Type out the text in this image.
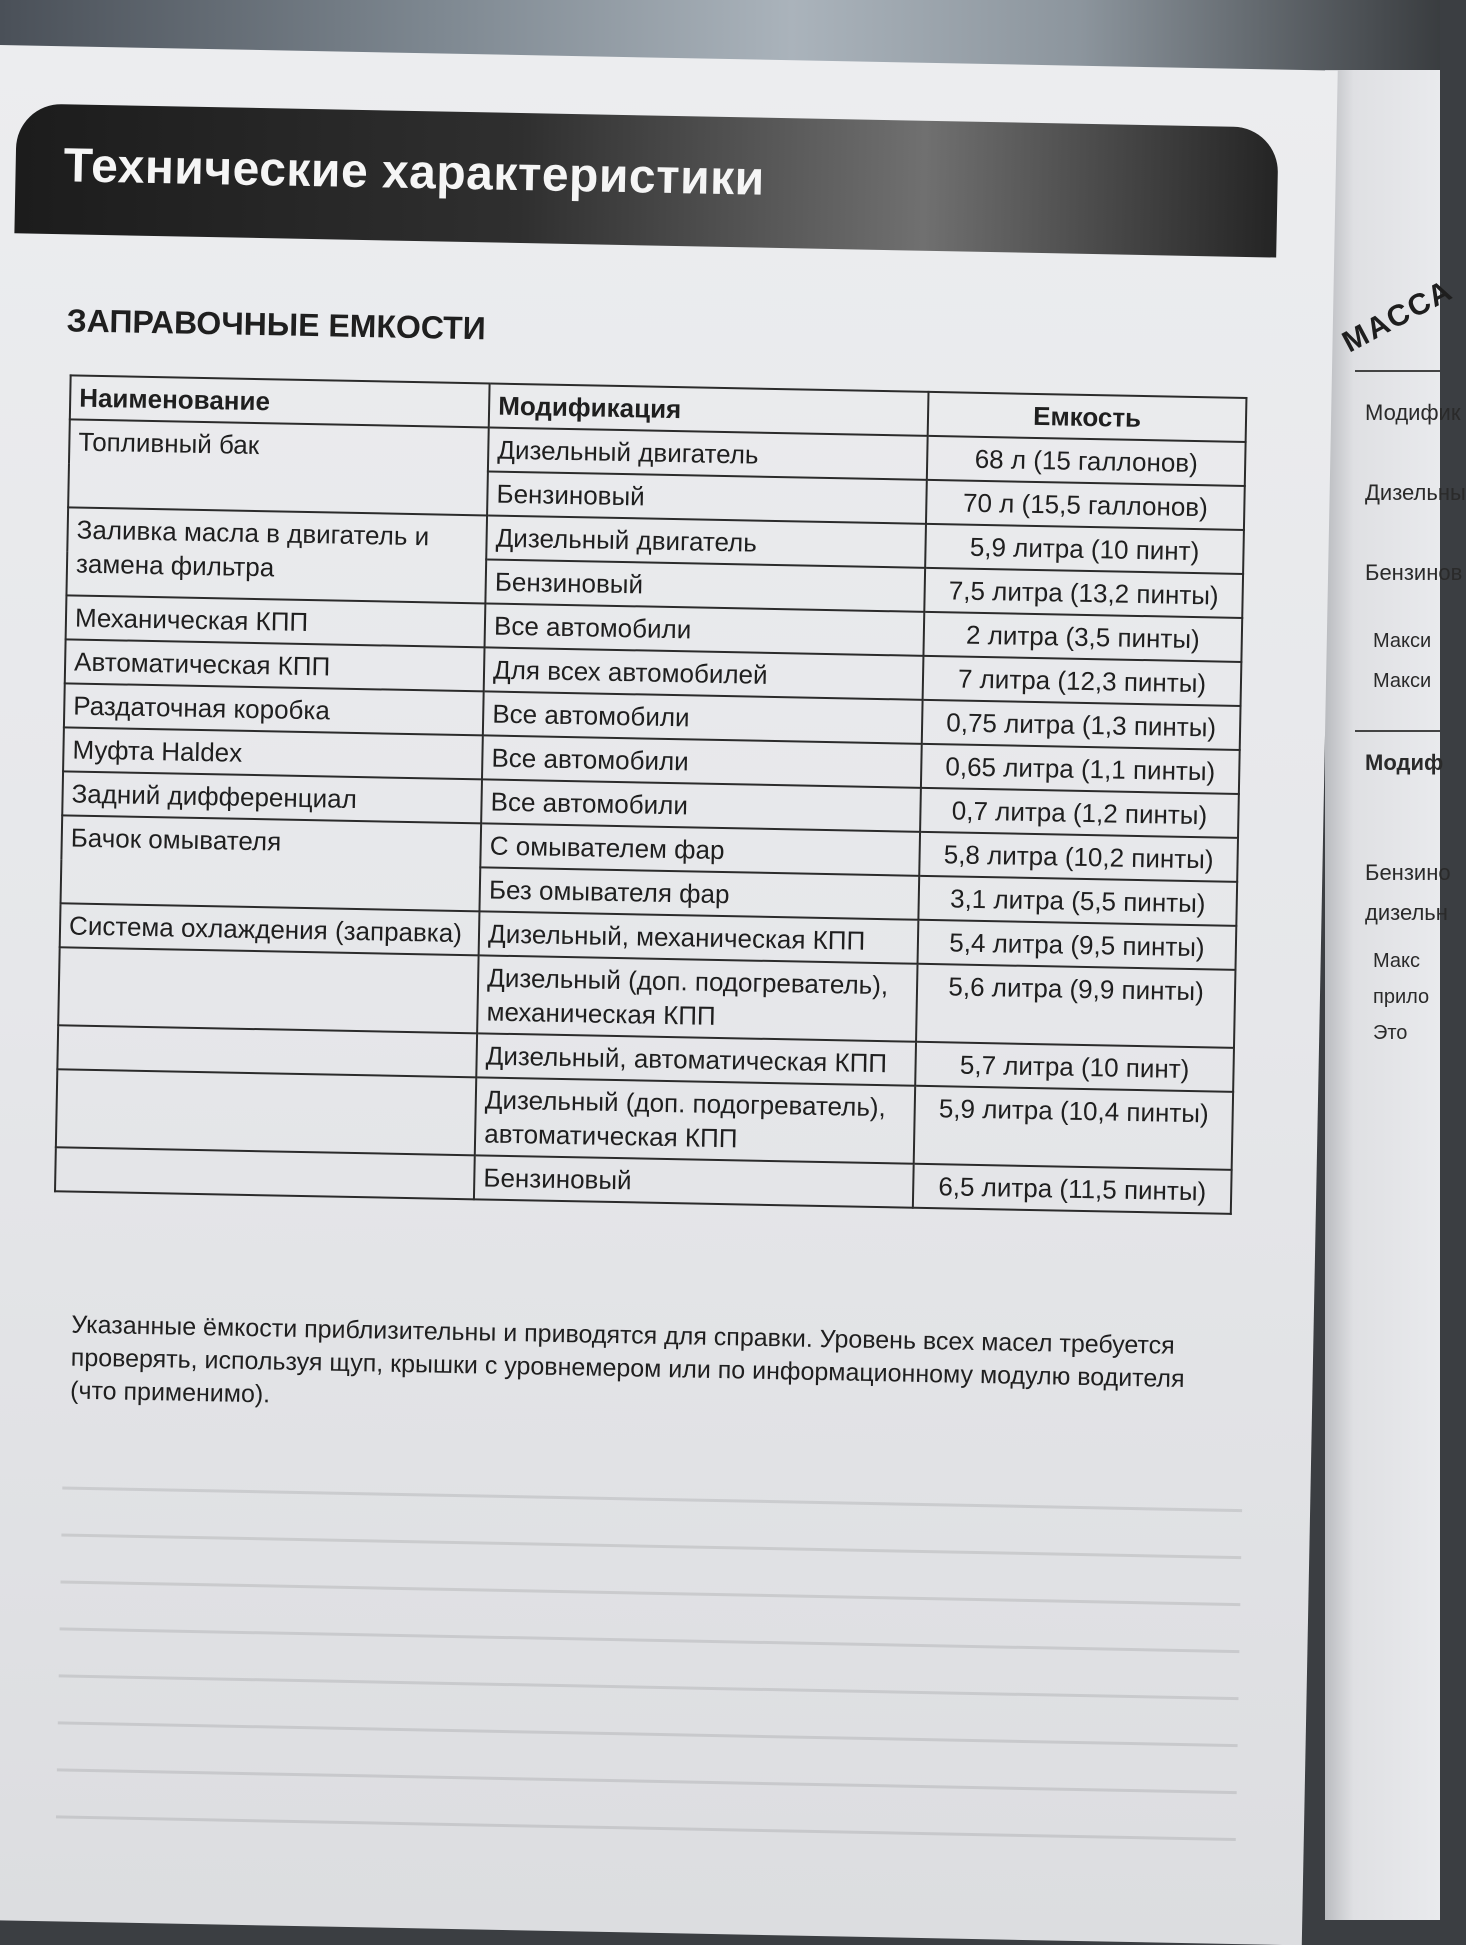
МАССА
Модифик
Дизельны
Бензинов
Макси
Макси
Модиф
Бензино
дизельн
Макс
прило
Это
Технические характеристики
ЗАПРАВОЧНЫЕ ЕМКОСТИ
Наименование	Модификация	Емкость
Топливный бак	Дизельный двигатель	68 л (15 галлонов)
	Бензиновый	70 л (15,5 галлонов)
Заливка масла в двигатель и замена фильтра	Дизельный двигатель	5,9 литра (10 пинт)
	Бензиновый	7,5 литра (13,2 пинты)
Механическая КПП	Все автомобили	2 литра (3,5 пинты)
Автоматическая КПП	Для всех автомобилей	7 литра (12,3 пинты)
Раздаточная коробка	Все автомобили	0,75 литра (1,3 пинты)
Муфта Haldex	Все автомобили	0,65 литра (1,1 пинты)
Задний дифференциал	Все автомобили	0,7 литра (1,2 пинты)
Бачок омывателя	С омывателем фар	5,8 литра (10,2 пинты)
	Без омывателя фар	3,1 литра (5,5 пинты)
Система охлаждения (заправка)	Дизельный, механическая КПП	5,4 литра (9,5 пинты)
	Дизельный (доп. подогреватель), механическая КПП	5,6 литра (9,9 пинты)
	Дизельный, автоматическая КПП	5,7 литра (10 пинт)
	Дизельный (доп. подогреватель), автоматическая КПП	5,9 литра (10,4 пинты)
	Бензиновый	6,5 литра (11,5 пинты)
Указанные ёмкости приблизительны и приводятся для справки. Уровень всех масел требуется проверять, используя щуп, крышки с уровнемером или по информационному модулю водителя (что применимо).
